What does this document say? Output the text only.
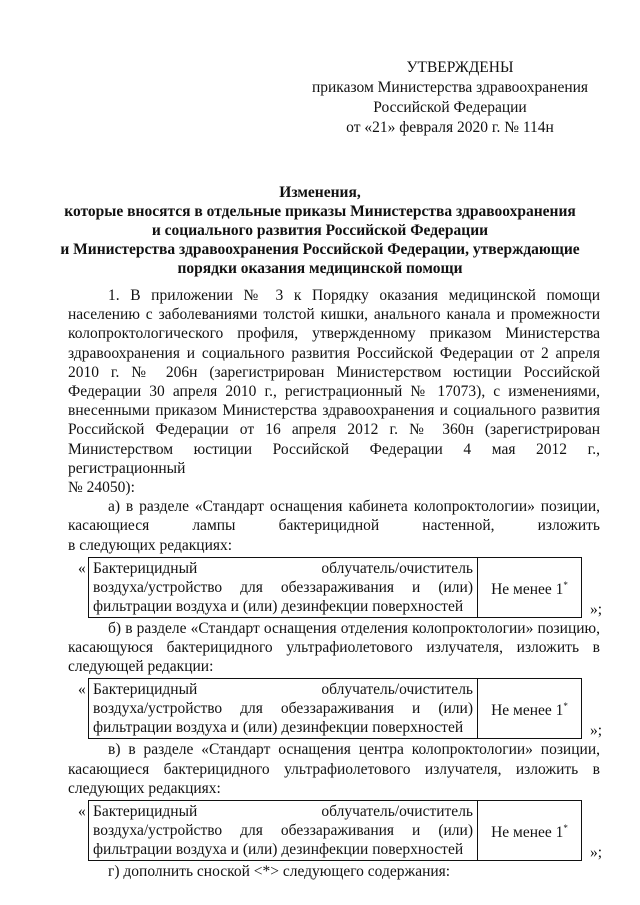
УТВЕРЖДЕНЫ
приказом Министерства здравоохранения
Российской Федерации
от «21» февраля 2020 г. № 114н
Изменения,
которые вносятся в отдельные приказы Министерства здравоохранения
и социального развития Российской Федерации
и Министерства здравоохранения Российской Федерации, утверждающие
порядки оказания медицинской помощи
1. В приложении № 3 к Порядку оказания медицинской помощи
населению с заболеваниями толстой кишки, анального канала и промежности
колопроктологического профиля, утвержденному приказом Министерства
здравоохранения и социального развития Российской Федерации от 2 апреля
2010 г. № 206н (зарегистрирован Министерством юстиции Российской
Федерации 30 апреля 2010 г., регистрационный № 17073), с изменениями,
внесенными приказом Министерства здравоохранения и социального развития
Российской Федерации от 16 апреля 2012 г. № 360н (зарегистрирован
Министерством юстиции Российской Федерации 4 мая 2012 г., регистрационный
№ 24050):
а) в разделе «Стандарт оснащения кабинета колопроктологии» позиции,
касающиеся лампы бактерицидной настенной, изложить
в следующих редакциях:
« Бактерицидный облучатель/очиститель
воздуха/устройство для обеззараживания и (или)
фильтрации воздуха и (или) дезинфекции поверхностей
	Не менее 1*
»;
б) в разделе «Стандарт оснащения отделения колопроктологии» позицию,
касающуюся бактерицидного ультрафиолетового излучателя, изложить в
следующей редакции:
« Бактерицидный облучатель/очиститель
воздуха/устройство для обеззараживания и (или)
фильтрации воздуха и (или) дезинфекции поверхностей
	Не менее 1*
»;
в) в разделе «Стандарт оснащения центра колопроктологии» позиции,
касающиеся бактерицидного ультрафиолетового излучателя, изложить в
следующих редакциях:
« Бактерицидный облучатель/очиститель
воздуха/устройство для обеззараживания и (или)
фильтрации воздуха и (или) дезинфекции поверхностей
	Не менее 1*
»;
г) дополнить сноской <*> следующего содержания:
